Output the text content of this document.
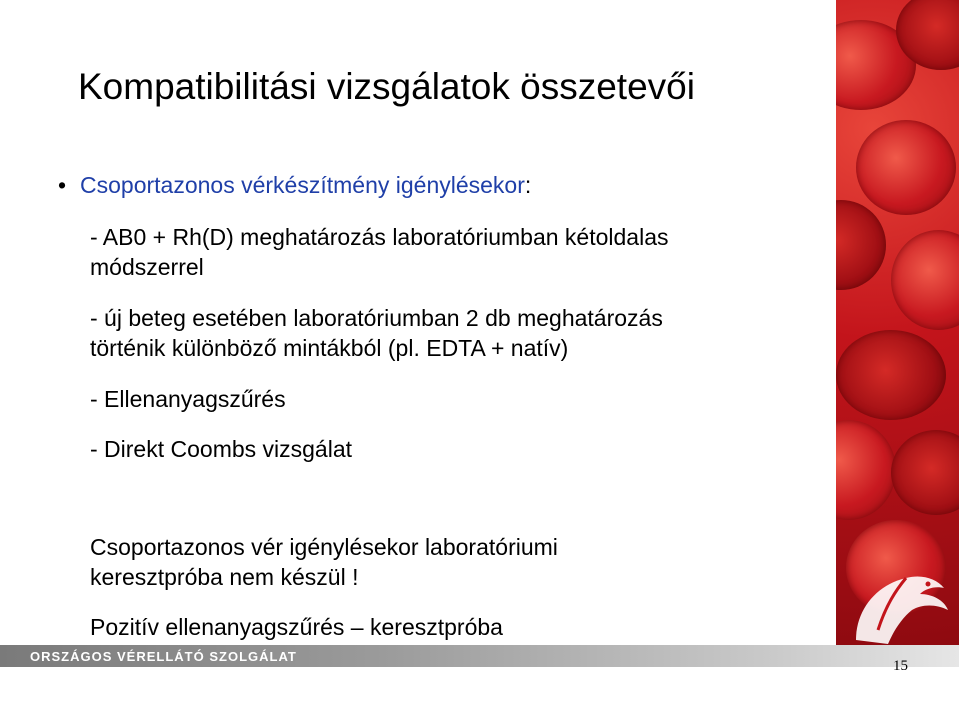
ORSZÁGOS VÉRELLÁTÓ SZOLGÁLAT
15
Kompatibilitási vizsgálatok összetevői
• Csoportazonos vérkészítmény igénylésekor:
- AB0 + Rh(D) meghatározás laboratóriumban kétoldalas
módszerrel
- új beteg esetében laboratóriumban 2 db meghatározás
történik különböző mintákból (pl. EDTA + natív)
- Ellenanyagszűrés
- Direkt Coombs vizsgálat
Csoportazonos vér igénylésekor laboratóriumi
keresztpróba nem készül !
Pozitív ellenanyagszűrés – keresztpróba
